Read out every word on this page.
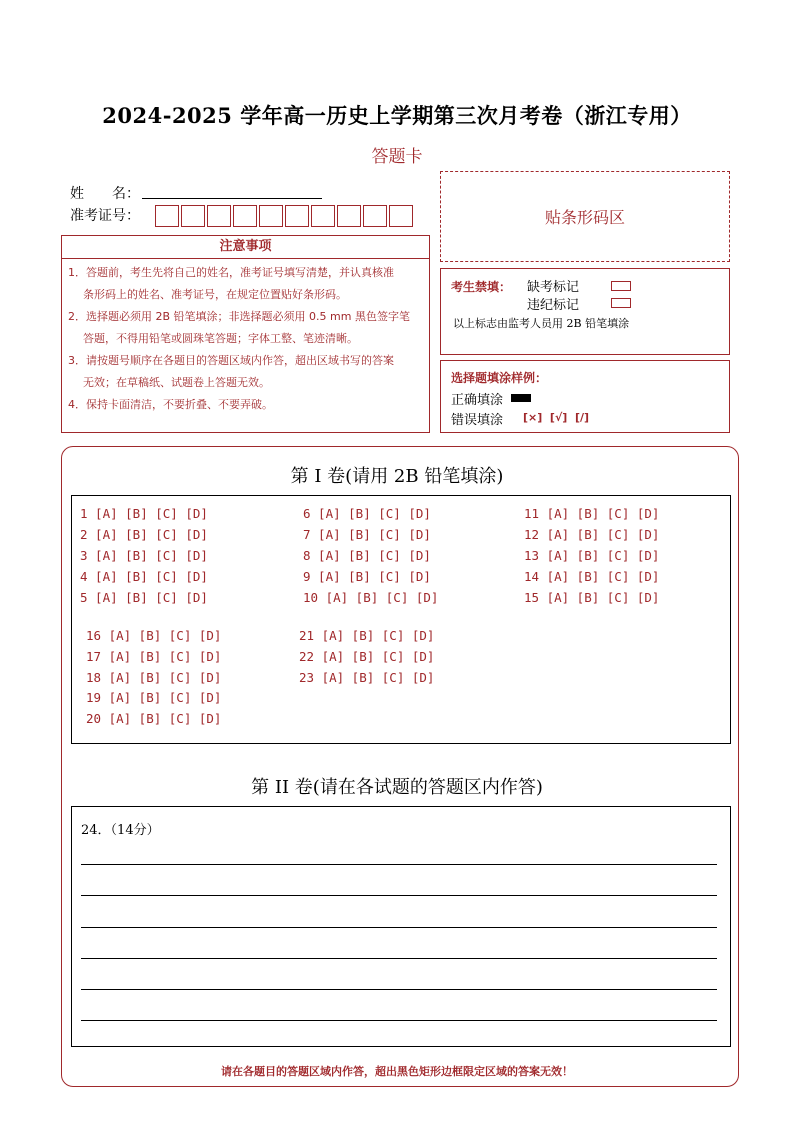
2024-2025 学年高一历史上学期第三次月考卷（浙江专用）
答题卡
姓　　名：
准考证号：	贴条形码区
注意事项
1．答题前，考生先将自己的姓名，准考证号填写清楚，并认真核准
条形码上的姓名、准考证号，在规定位置贴好条形码。
2．选择题必须用 2B 铅笔填涂；非选择题必须用 0.5 mm 黑色签字笔
答题，不得用铅笔或圆珠笔答题；字体工整、笔迹清晰。
3．请按题号顺序在各题目的答题区域内作答，超出区域书写的答案
无效；在草稿纸、试题卷上答题无效。
4．保持卡面清洁，不要折叠、不要弄破。
考生禁填： 缺考标记
违纪标记
以上标志由监考人员用 2B 铅笔填涂
选择题填涂样例：
正确填涂
错误填涂 [×]  [√]  [/]
第 I 卷(请用 2B 铅笔填涂)
1 [A] [B] [C] [D]
2 [A] [B] [C] [D]
3 [A] [B] [C] [D]
4 [A] [B] [C] [D]
5 [A] [B] [C] [D]
6 [A] [B] [C] [D]
7 [A] [B] [C] [D]
8 [A] [B] [C] [D]
9 [A] [B] [C] [D]
10 [A] [B] [C] [D]
11 [A] [B] [C] [D]
12 [A] [B] [C] [D]
13 [A] [B] [C] [D]
14 [A] [B] [C] [D]
15 [A] [B] [C] [D]
16 [A] [B] [C] [D]
17 [A] [B] [C] [D]
18 [A] [B] [C] [D]
19 [A] [B] [C] [D]
20 [A] [B] [C] [D]
21 [A] [B] [C] [D]
22 [A] [B] [C] [D]
23 [A] [B] [C] [D]
第 II 卷(请在各试题的答题区内作答)
24．（14分）
请在各题目的答题区域内作答，超出黑色矩形边框限定区域的答案无效！
